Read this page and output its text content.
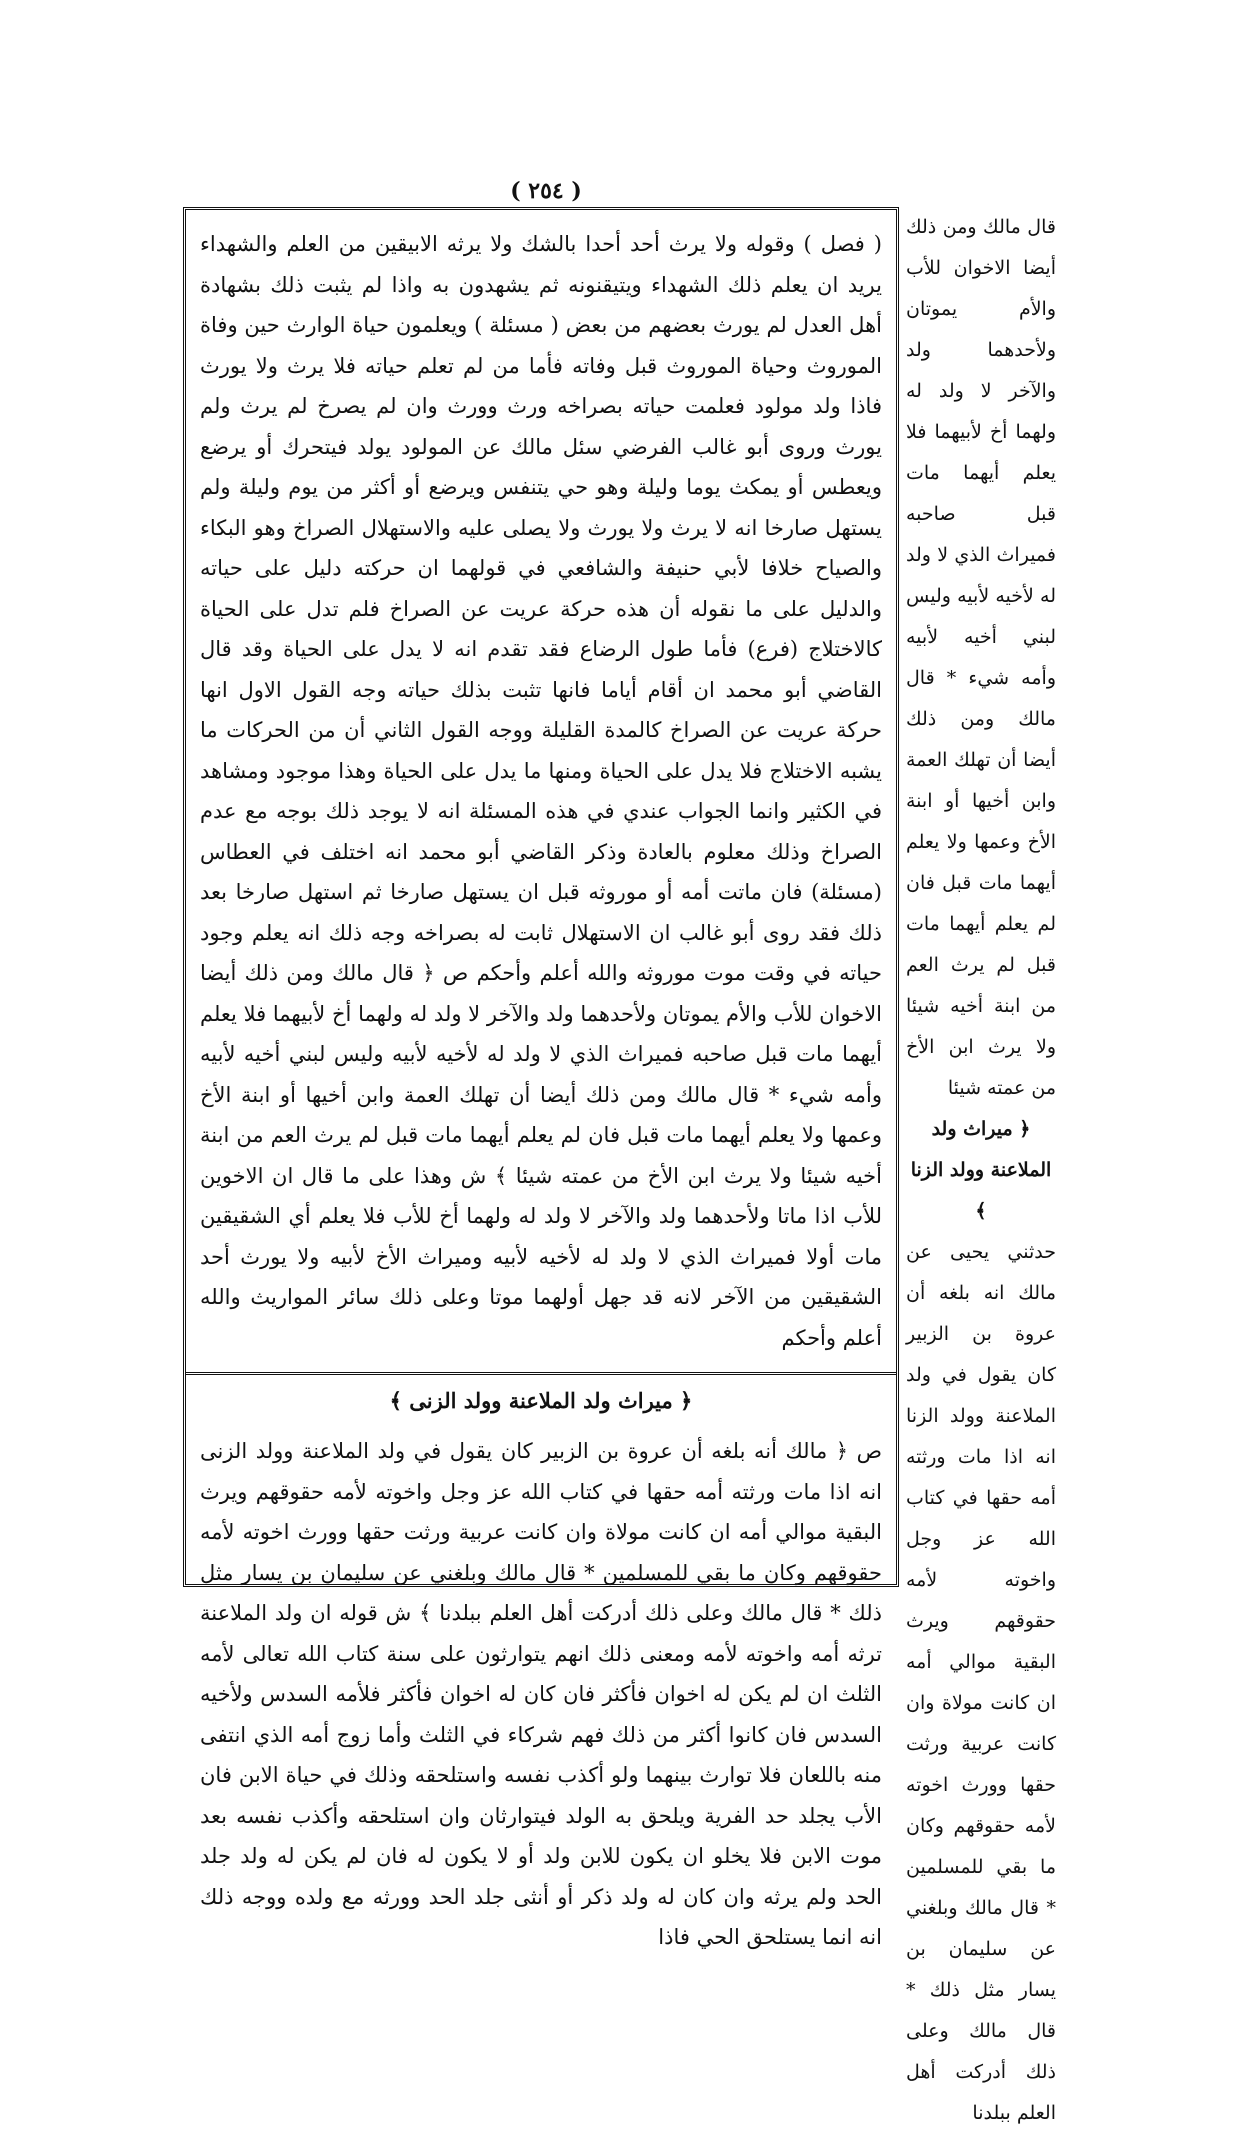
( ٢٥٤ )

( فصل ) وقوله ولا يرث أحد أحدا بالشك ولا يرثه الابيقين من العلم والشهداء يريد ان يعلم ذلك الشهداء ويتيقنونه ثم يشهدون به واذا لم يثبت ذلك بشهادة أهل العدل لم يورث بعضهم من بعض ( مسئلة ) ويعلمون حياة الوارث حين وفاة الموروث وحياة الموروث قبل وفاته فأما من لم تعلم حياته فلا يرث ولا يورث فاذا ولد مولود فعلمت حياته بصراخه ورث وورث وان لم يصرخ لم يرث ولم يورث وروى أبو غالب الفرضي سئل مالك عن المولود يولد فيتحرك أو يرضع ويعطس أو يمكث يوما وليلة وهو حي يتنفس ويرضع أو أكثر من يوم وليلة ولم يستهل صارخا انه لا يرث ولا يورث ولا يصلى عليه والاستهلال الصراخ وهو البكاء والصياح خلافا لأبي حنيفة والشافعي في قولهما ان حركته دليل على حياته والدليل على ما نقوله أن هذه حركة عريت عن الصراخ فلم تدل على الحياة كالاختلاج (فرع) فأما طول الرضاع فقد تقدم انه لا يدل على الحياة وقد قال القاضي أبو محمد ان أقام أياما فانها تثبت بذلك حياته وجه القول الاول انها حركة عريت عن الصراخ كالمدة القليلة ووجه القول الثاني أن من الحركات ما يشبه الاختلاج فلا يدل على الحياة ومنها ما يدل على الحياة وهذا موجود ومشاهد في الكثير وانما الجواب عندي في هذه المسئلة انه لا يوجد ذلك بوجه مع عدم الصراخ وذلك معلوم بالعادة وذكر القاضي أبو محمد انه اختلف في العطاس (مسئلة) فان ماتت أمه أو موروثه قبل ان يستهل صارخا ثم استهل صارخا بعد ذلك فقد روى أبو غالب ان الاستهلال ثابت له بصراخه وجه ذلك انه يعلم وجود حياته في وقت موت موروثه والله أعلم وأحكم ص ﴿ قال مالك ومن ذلك أيضا الاخوان للأب والأم يموتان ولأحدهما ولد والآخر لا ولد له ولهما أخ لأبيهما فلا يعلم أيهما مات قبل صاحبه فميراث الذي لا ولد له لأخيه لأبيه وليس لبني أخيه لأبيه وأمه شيء * قال مالك ومن ذلك أيضا أن تهلك العمة وابن أخيها أو ابنة الأخ وعمها ولا يعلم أيهما مات قبل فان لم يعلم أيهما مات قبل لم يرث العم من ابنة أخيه شيئا ولا يرث ابن الأخ من عمته شيئا ﴾ ش وهذا على ما قال ان الاخوين للأب اذا ماتا ولأحدهما ولد والآخر لا ولد له ولهما أخ للأب فلا يعلم أي الشقيقين مات أولا فميراث الذي لا ولد له لأخيه لأبيه وميراث الأخ لأبيه ولا يورث أحد الشقيقين من الآخر لانه قد جهل أولهما موتا وعلى ذلك سائر المواريث والله أعلم وأحكم

﴿ ميراث ولد الملاعنة وولد الزنى ﴾

ص ﴿ مالك أنه بلغه أن عروة بن الزبير كان يقول في ولد الملاعنة وولد الزنى انه اذا مات ورثته أمه حقها في كتاب الله عز وجل واخوته لأمه حقوقهم ويرث البقية موالي أمه ان كانت مولاة وان كانت عربية ورثت حقها وورث اخوته لأمه حقوقهم وكان ما بقي للمسلمين * قال مالك وبلغني عن سليمان بن يسار مثل ذلك * قال مالك وعلى ذلك أدركت أهل العلم ببلدنا ﴾ ش قوله ان ولد الملاعنة ترثه أمه واخوته لأمه ومعنى ذلك انهم يتوارثون على سنة كتاب الله تعالى لأمه الثلث ان لم يكن له اخوان فأكثر فان كان له اخوان فأكثر فلأمه السدس ولأخيه السدس فان كانوا أكثر من ذلك فهم شركاء في الثلث وأما زوج أمه الذي انتفى منه باللعان فلا توارث بينهما ولو أكذب نفسه واستلحقه وذلك في حياة الابن فان الأب يجلد حد الفرية ويلحق به الولد فيتوارثان وان استلحقه وأكذب نفسه بعد موت الابن فلا يخلو ان يكون للابن ولد أو لا يكون له فان لم يكن له ولد جلد الحد ولم يرثه وان كان له ولد ذكر أو أنثى جلد الحد وورثه مع ولده ووجه ذلك انه انما يستلحق الحي فاذا

قال مالك ومن ذلك أيضا الاخوان للأب والأم يموتان ولأحدهما ولد والآخر لا ولد له ولهما أخ لأبيهما فلا يعلم أيهما مات قبل صاحبه فميراث الذي لا ولد له لأخيه لأبيه وليس لبني أخيه لأبيه وأمه شيء * قال مالك ومن ذلك أيضا أن تهلك العمة وابن أخيها أو ابنة الأخ وعمها ولا يعلم أيهما مات قبل فان لم يعلم أيهما مات قبل لم يرث العم من ابنة أخيه شيئا ولا يرث ابن الأخ من عمته شيئا

﴿ ميراث ولد الملاعنة وولد الزنا ﴾

حدثني يحيى عن مالك انه بلغه أن عروة بن الزبير كان يقول في ولد الملاعنة وولد الزنا انه اذا مات ورثته أمه حقها في كتاب الله عز وجل واخوته لأمه حقوقهم ويرث البقية موالي أمه ان كانت مولاة وان كانت عربية ورثت حقها وورث اخوته لأمه حقوقهم وكان ما بقي للمسلمين * قال مالك وبلغني عن سليمان بن يسار مثل ذلك * قال مالك وعلى ذلك أدركت أهل العلم ببلدنا
